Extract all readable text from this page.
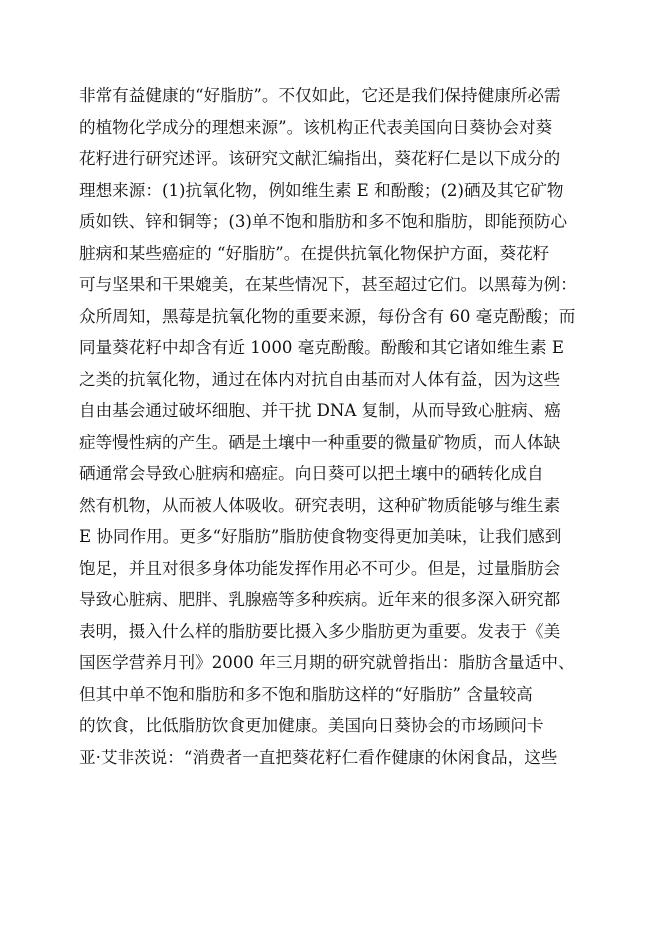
非常有益健康的“好脂肪”。不仅如此，它还是我们保持健康所必需
的植物化学成分的理想来源”。该机构正代表美国向日葵协会对葵
花籽进行研究述评。该研究文献汇编指出，葵花籽仁是以下成分的
理想来源：(1)抗氧化物，例如维生素 E 和酚酸；(2)硒及其它矿物
质如铁、锌和铜等；(3)单不饱和脂肪和多不饱和脂肪，即能预防心
脏病和某些癌症的 “好脂肪”。在提供抗氧化物保护方面，葵花籽
可与坚果和干果媲美，在某些情况下，甚至超过它们。以黑莓为例：
众所周知，黑莓是抗氧化物的重要来源，每份含有 60 毫克酚酸；而
同量葵花籽中却含有近 1000 毫克酚酸。酚酸和其它诸如维生素 E
之类的抗氧化物，通过在体内对抗自由基而对人体有益，因为这些
自由基会通过破坏细胞、并干扰 DNA 复制，从而导致心脏病、癌
症等慢性病的产生。硒是土壤中一种重要的微量矿物质，而人体缺
硒通常会导致心脏病和癌症。向日葵可以把土壤中的硒转化成自
然有机物，从而被人体吸收。研究表明，这种矿物质能够与维生素
E 协同作用。更多“好脂肪”脂肪使食物变得更加美味，让我们感到
饱足，并且对很多身体功能发挥作用必不可少。但是，过量脂肪会
导致心脏病、肥胖、乳腺癌等多种疾病。近年来的很多深入研究都
表明，摄入什么样的脂肪要比摄入多少脂肪更为重要。发表于《美
国医学营养月刊》2000 年三月期的研究就曾指出：脂肪含量适中、
但其中单不饱和脂肪和多不饱和脂肪这样的“好脂肪” 含量较高
的饮食，比低脂肪饮食更加健康。美国向日葵协会的市场顾问卡
亚·艾非茨说：“消费者一直把葵花籽仁看作健康的休闲食品，这些
